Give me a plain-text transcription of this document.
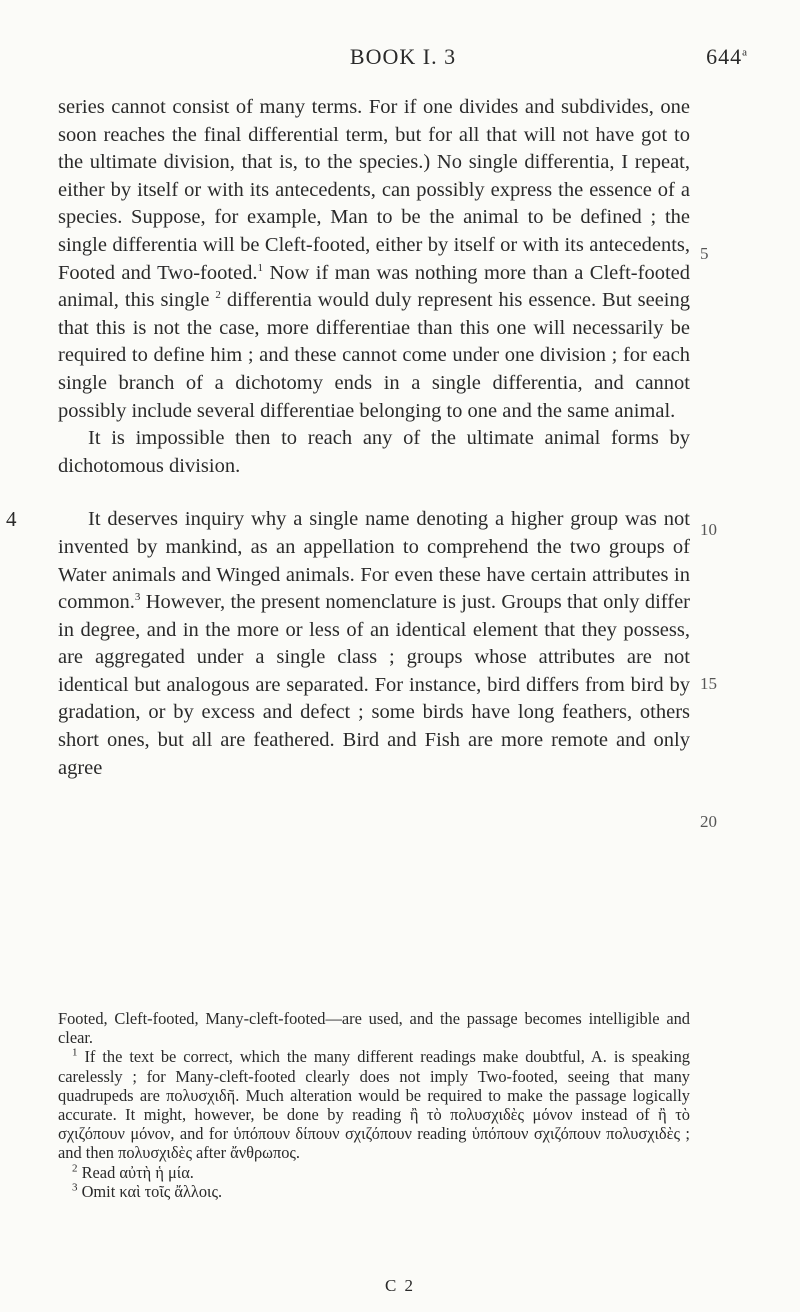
BOOK I. 3	644$^a$

series cannot consist of many terms. For if one divides and subdivides, one soon reaches the final differential term, but for all that will not have got to the ultimate division, that is, to the species.) No single differentia, I repeat, either by itself or with its antecedents, can possibly express the essence of a species. Suppose, for example, Man to be the animal to be defined ; the single differentia will be Cleft-footed, either by itself or with its antecedents, Footed and Two-footed.$^1$ Now if man was nothing more than a Cleft-footed animal, this single $^2$ differentia would duly represent his essence. But seeing that this is not the case, more differentiae than this one will necessarily be required to define him ; and these cannot come under one division ; for each single branch of a dichotomy ends in a single differentia, and cannot possibly include several differentiae belonging to one and the same animal.

It is impossible then to reach any of the ultimate animal forms by dichotomous division.

4	It deserves inquiry why a single name denoting a higher group was not invented by mankind, as an appellation to comprehend the two groups of Water animals and Winged animals. For even these have certain attributes in common.$^3$ However, the present nomenclature is just. Groups that only differ in degree, and in the more or less of an identical element that they possess, are aggregated under a single class ; groups whose attributes are not identical but analogous are separated. For instance, bird differs from bird by gradation, or by excess and defect ; some birds have long feathers, others short ones, but all are feathered. Bird and Fish are more remote and only agree

5
10
15
20

Footed, Cleft-footed, Many-cleft-footed—are used, and the passage becomes intelligible and clear.

$^1$ If the text be correct, which the many different readings make doubtful, A. is speaking carelessly ; for Many-cleft-footed clearly does not imply Two-footed, seeing that many quadrupeds are πολυσχιδῆ. Much alteration would be required to make the passage logically accurate. It might, however, be done by reading ἢ τὸ πολυσχιδὲς μόνον instead of ἢ τὸ σχιζόπουν μόνον, and for ὑπόπουν δίπουν σχιζόπουν reading ὑπόπουν σχιζόπουν πολυσχιδὲς ; and then πολυσχιδὲς after ἄνθρωπος.

$^2$ Read αὐτὴ ἡ μία.

$^3$ Omit καὶ τοῖς ἄλλοις.

C 2
